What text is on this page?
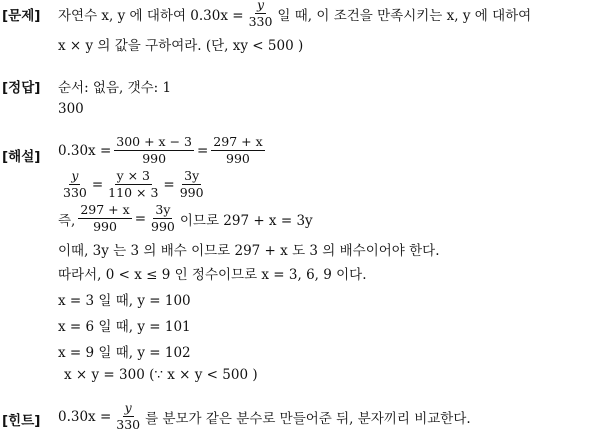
[문제] 자연수 x, y 에 대하여 $0.30x = \frac{y}{330}$ 일 때, 이 조건을 만족시키는 x, y 에 대하여
x × y 의 값을 구하여라. (단, xy < 500 )
[정답] 순서: 없음, 갯수: 1
300
[해설] $0.30x = \frac{300 + x - 3}{990} = \frac{297 + x}{990}$
$\frac{y}{330} = \frac{y \times 3}{110 \times 3} = \frac{3y}{990}$
즉, $\frac{297 + x}{990} = \frac{3y}{990}$ 이므로 297 + x = 3y
이때, 3y 는 3 의 배수 이므로 297 + x 도 3 의 배수이어야 한다.
따라서, 0 < x ≤ 9 인 정수이므로 x = 3, 6, 9 이다.
x = 3 일 때, y = 100
x = 6 일 때, y = 101
x = 9 일 때, y = 102
x × y = 300 (∵ x × y < 500 )
[힌트] $0.30x = \frac{y}{330}$ 를 분모가 같은 분수로 만들어준 뒤, 분자끼리 비교한다.
